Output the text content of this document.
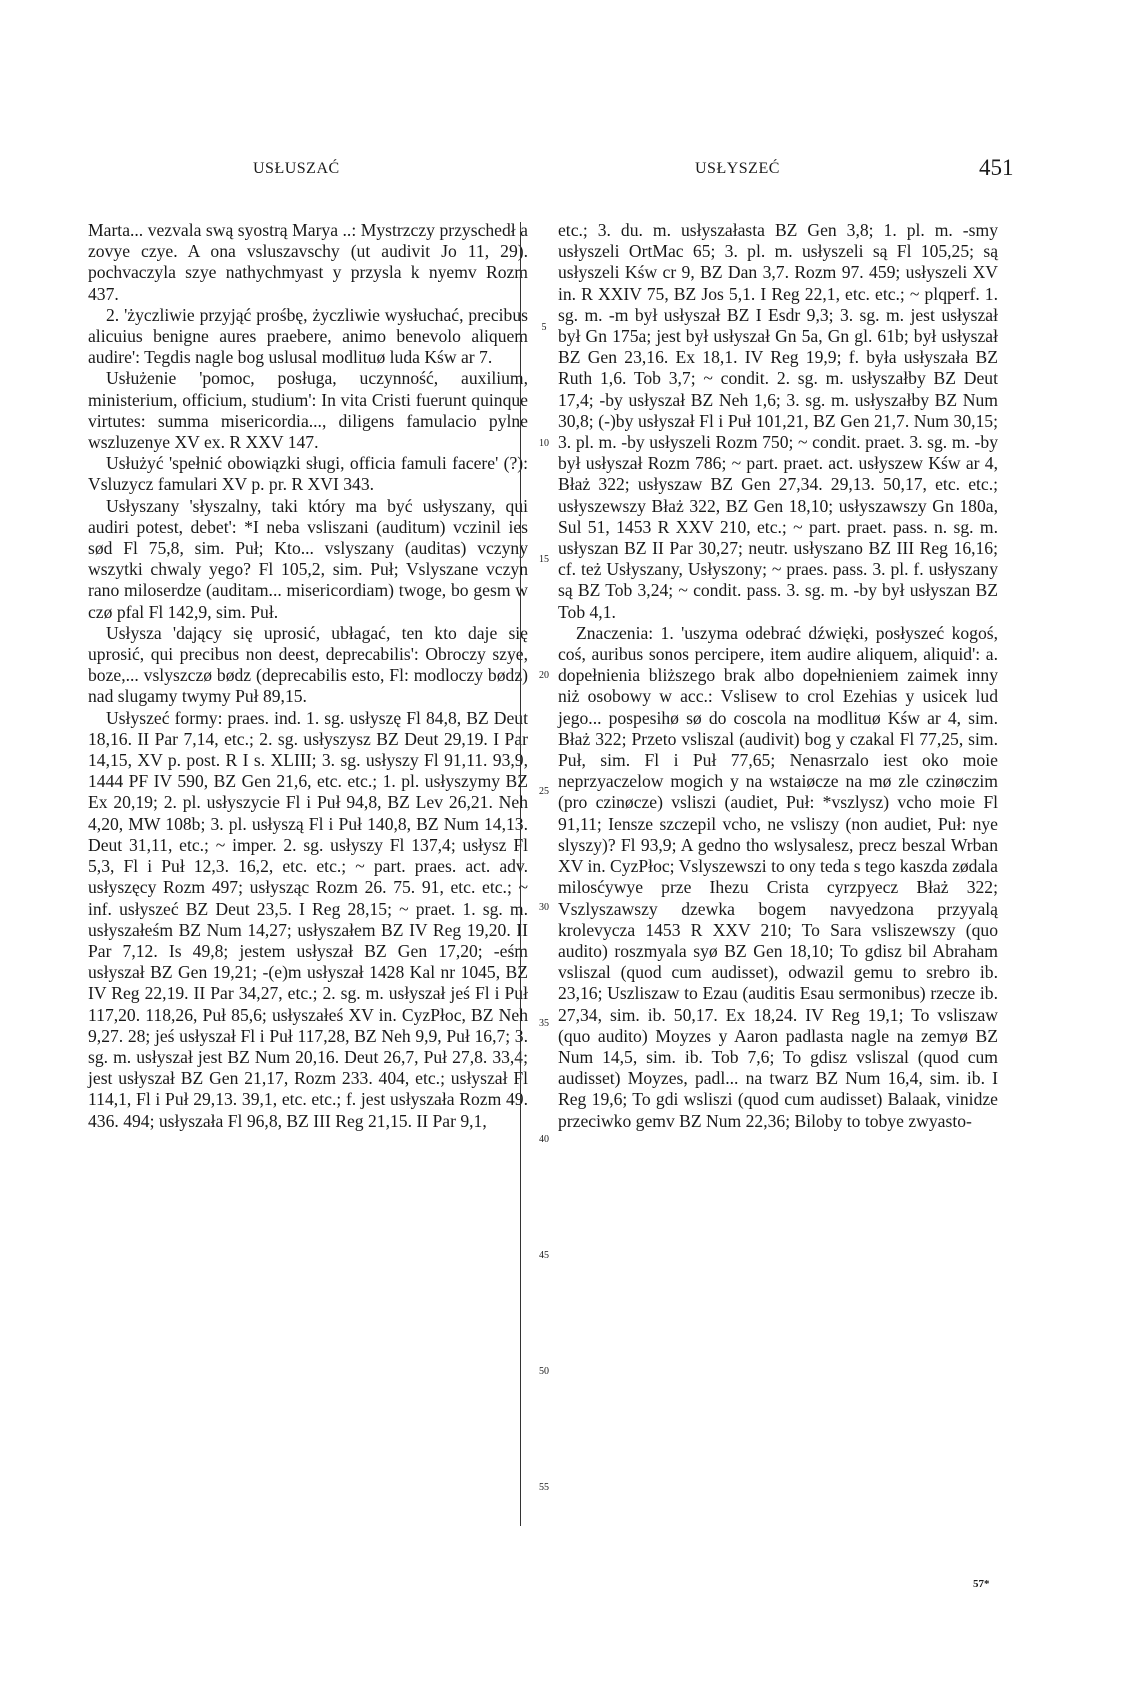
USŁUSZAĆ	USŁYSZEĆ	451

Marta... vezvala swą syostrą Marya ..: Mystrzczy przyschedł a zovye czye. A ona vsluszavschy (ut audivit Jo 11, 29). pochvaczyla szye nathychmyast y przysla k nyemv Rozm 437.

2. 'życzliwie przyjąć prośbę, życzliwie wysłuchać, precibus alicuius benigne aures praebere, animo benevolo aliquem audire': Tegdis nagle bog uslusal modlituø luda Kśw ar 7.

Usłużenie 'pomoc, posługa, uczynność, auxilium, ministerium, officium, studium': In vita Cristi fuerunt quinque virtutes: summa misericordia..., diligens famulacio pylne wszluzenye XV ex. R XXV 147.

Usłużyć 'spełnić obowiązki sługi, officia famuli facere' (?): Vsluzycz famulari XV p. pr. R XVI 343.

Usłyszany 'słyszalny, taki który ma być usłyszany, qui audiri potest, debet': *I neba vsliszani (auditum) vczinil ies sød Fl 75,8, sim. Puł; Kto... vslyszany (auditas) vczyny wszytki chwaly yego? Fl 105,2, sim. Puł; Vslyszane vczyn rano miloserdze (auditam... misericordiam) twoge, bo gesm w czø pfal Fl 142,9, sim. Puł.

Usłysza 'dający się uprosić, ubłagać, ten kto daje się uprosić, qui precibus non deest, deprecabilis': Obroczy szye, boze,... vslyszczø bødz (deprecabilis esto, Fl: modloczy bødz) nad slugamy twymy Puł 89,15.

Usłyszeć formy: praes. ind. 1. sg. usłyszę Fl 84,8, BZ Deut 18,16. II Par 7,14, etc.; 2. sg. usłyszysz BZ Deut 29,19. I Par 14,15, XV p. post. R I s. XLIII; 3. sg. usłyszy Fl 91,11. 93,9, 1444 PF IV 590, BZ Gen 21,6, etc. etc.; 1. pl. usłyszymy BZ Ex 20,19; 2. pl. usłyszycie Fl i Puł 94,8, BZ Lev 26,21. Neh 4,20, MW 108b; 3. pl. usłyszą Fl i Puł 140,8, BZ Num 14,13. Deut 31,11, etc.; ~ imper. 2. sg. usłyszy Fl 137,4; usłysz Fl 5,3, Fl i Puł 12,3. 16,2, etc. etc.; ~ part. praes. act. adv. usłyszęcy Rozm 497; usłysząc Rozm 26. 75. 91, etc. etc.; ~ inf. usłyszeć BZ Deut 23,5. I Reg 28,15; ~ praet. 1. sg. m. usłyszałeśm BZ Num 14,27; usłyszałem BZ IV Reg 19,20. II Par 7,12. Is 49,8; jestem usłyszał BZ Gen 17,20; -eśm usłyszał BZ Gen 19,21; -(e)m usłyszał 1428 Kal nr 1045, BZ IV Reg 22,19. II Par 34,27, etc.; 2. sg. m. usłyszał jeś Fl i Puł 117,20. 118,26, Puł 85,6; usłyszałeś XV in. CyzPłoc, BZ Neh 9,27. 28; jeś usłyszał Fl i Puł 117,28, BZ Neh 9,9, Puł 16,7; 3. sg. m. usłyszał jest BZ Num 20,16. Deut 26,7, Puł 27,8. 33,4; jest usłyszał BZ Gen 21,17, Rozm 233. 404, etc.; usłyszał Fl 114,1, Fl i Puł 29,13. 39,1, etc. etc.; f. jest usłyszała Rozm 49. 436. 494; usłyszała Fl 96,8, BZ III Reg 21,15. II Par 9,1,

etc.; 3. du. m. usłyszałasta BZ Gen 3,8; 1. pl. m. -smy usłyszeli OrtMac 65; 3. pl. m. usłyszeli są Fl 105,25; są usłyszeli Kśw cr 9, BZ Dan 3,7. Rozm 97. 459; usłyszeli XV in. R XXIV 75, BZ Jos 5,1. I Reg 22,1, etc. etc.; ~ plqperf. 1. sg. m. -m był usłyszał BZ I Esdr 9,3; 3. sg. m. jest usłyszał był Gn 175a; jest był usłyszał Gn 5a, Gn gl. 61b; był usłyszał BZ Gen 23,16. Ex 18,1. IV Reg 19,9; f. była usłyszała BZ Ruth 1,6. Tob 3,7; ~ condit. 2. sg. m. usłyszałby BZ Deut 17,4; -by usłyszał BZ Neh 1,6; 3. sg. m. usłyszałby BZ Num 30,8; (-)by usłyszał Fl i Puł 101,21, BZ Gen 21,7. Num 30,15; 3. pl. m. -by usłyszeli Rozm 750; ~ condit. praet. 3. sg. m. -by był usłyszał Rozm 786; ~ part. praet. act. usłyszew Kśw ar 4, Błaż 322; usłyszaw BZ Gen 27,34. 29,13. 50,17, etc. etc.; usłyszewszy Błaż 322, BZ Gen 18,10; usłyszawszy Gn 180a, Sul 51, 1453 R XXV 210, etc.; ~ part. praet. pass. n. sg. m. usłyszan BZ II Par 30,27; neutr. usłyszano BZ III Reg 16,16; cf. też Usłyszany, Usłyszony; ~ praes. pass. 3. pl. f. usłyszany są BZ Tob 3,24; ~ condit. pass. 3. sg. m. -by był usłyszan BZ Tob 4,1.

Znaczenia: 1. 'uszyma odebrać dźwięki, posłyszeć kogoś, coś, auribus sonos percipere, item audire aliquem, aliquid': a. dopełnienia bliższego brak albo dopełnieniem zaimek inny niż osobowy w acc.: Vslisew to crol Ezehias y usicek lud jego... pospesihø sø do coscola na modlituø Kśw ar 4, sim. Błaż 322; Przeto vsliszal (audivit) bog y czakal Fl 77,25, sim. Puł, sim. Fl i Puł 77,65; Nenasrzalo iest oko moie neprzyaczelow mogich y na wstaiøcze na mø zle czinøczim (pro czinøcze) vsliszi (audiet, Puł: *vszlysz) vcho moie Fl 91,11; Iensze szczepil vcho, ne vsliszy (non audiet, Puł: nye slyszy)? Fl 93,9; A gedno tho wslysalesz, precz beszal Wrban XV in. CyzPłoc; Vslyszewszi to ony teda s tego kaszda zødala milosćywye prze Ihezu Crista cyrzpyecz Błaż 322; Vszlyszawszy dzewka bogem navyedzona przyyalą krolevycza 1453 R XXV 210; To Sara vsliszewszy (quo audito) roszmyala syø BZ Gen 18,10; To gdisz bil Abraham vsliszal (quod cum audisset), odwazil gemu to srebro ib. 23,16; Uszliszaw to Ezau (auditis Esau sermonibus) rzecze ib. 27,34, sim. ib. 50,17. Ex 18,24. IV Reg 19,1; To vsliszaw (quo audito) Moyzes y Aaron padlasta nagle na zemyø BZ Num 14,5, sim. ib. Tob 7,6; To gdisz vsliszal (quod cum audisset) Moyzes, padl... na twarz BZ Num 16,4, sim. ib. I Reg 19,6; To gdi wsliszi (quod cum audisset) Balaak, vinidze przeciwko gemv BZ Num 22,36; Biloby to tobye zwyasto-

5
10
15
20
25
30
35
40
45
50
55
57*
